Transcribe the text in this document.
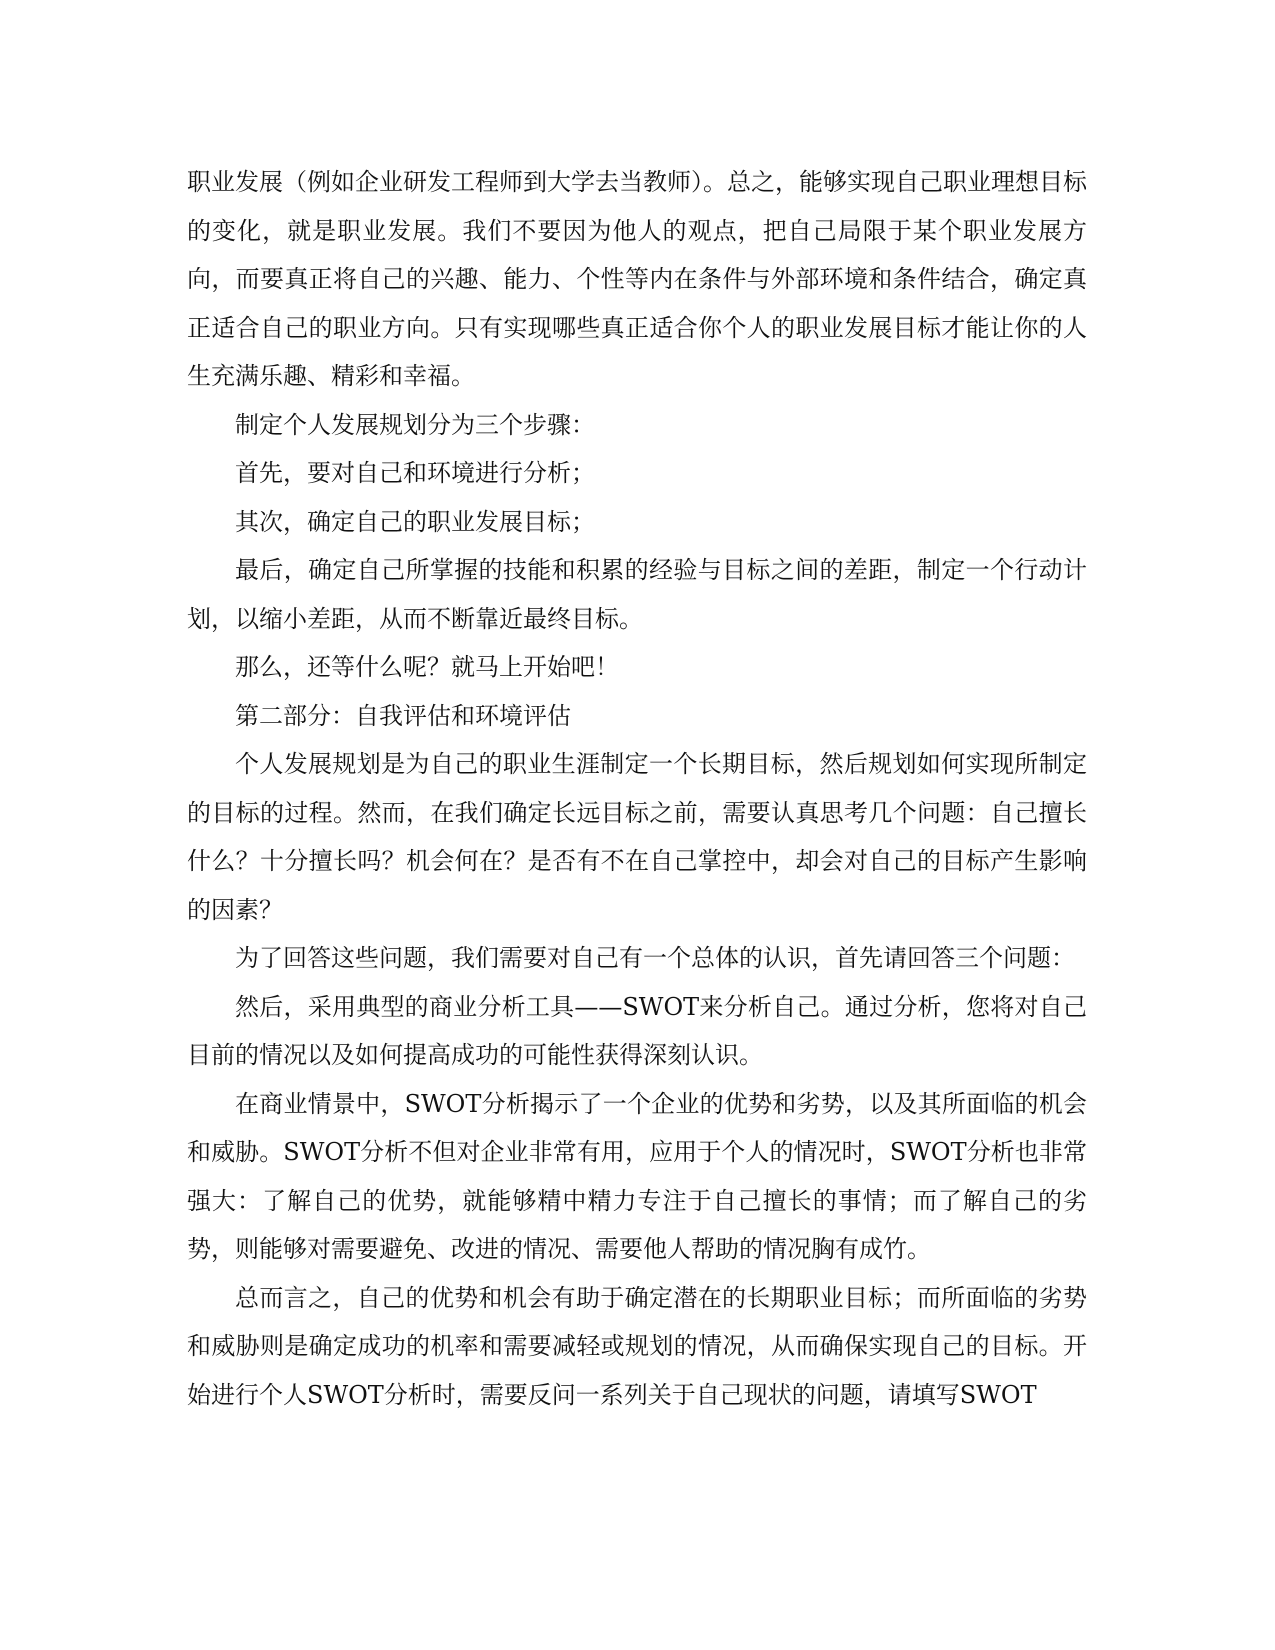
职业发展（例如企业研发工程师到大学去当教师）。总之，能够实现自己职业理想目标的变化，就是职业发展。我们不要因为他人的观点，把自己局限于某个职业发展方向，而要真正将自己的兴趣、能力、个性等内在条件与外部环境和条件结合，确定真正适合自己的职业方向。只有实现哪些真正适合你个人的职业发展目标才能让你的人生充满乐趣、精彩和幸福。

制定个人发展规划分为三个步骤：

首先，要对自己和环境进行分析；

其次，确定自己的职业发展目标；

最后，确定自己所掌握的技能和积累的经验与目标之间的差距，制定一个行动计划，以缩小差距，从而不断靠近最终目标。

那么，还等什么呢？就马上开始吧！

第二部分：自我评估和环境评估

个人发展规划是为自己的职业生涯制定一个长期目标，然后规划如何实现所制定的目标的过程。然而，在我们确定长远目标之前，需要认真思考几个问题：自己擅长什么？十分擅长吗？机会何在？是否有不在自己掌控中，却会对自己的目标产生影响的因素？

为了回答这些问题，我们需要对自己有一个总体的认识，首先请回答三个问题：

然后，采用典型的商业分析工具——SWOT来分析自己。通过分析，您将对自己目前的情况以及如何提高成功的可能性获得深刻认识。

在商业情景中，SWOT分析揭示了一个企业的优势和劣势，以及其所面临的机会和威胁。SWOT分析不但对企业非常有用，应用于个人的情况时，SWOT分析也非常强大：了解自己的优势，就能够精中精力专注于自己擅长的事情；而了解自己的劣势，则能够对需要避免、改进的情况、需要他人帮助的情况胸有成竹。

总而言之，自己的优势和机会有助于确定潜在的长期职业目标；而所面临的劣势和威胁则是确定成功的机率和需要减轻或规划的情况，从而确保实现自己的目标。开始进行个人SWOT分析时，需要反问一系列关于自己现状的问题，请填写SWOT
